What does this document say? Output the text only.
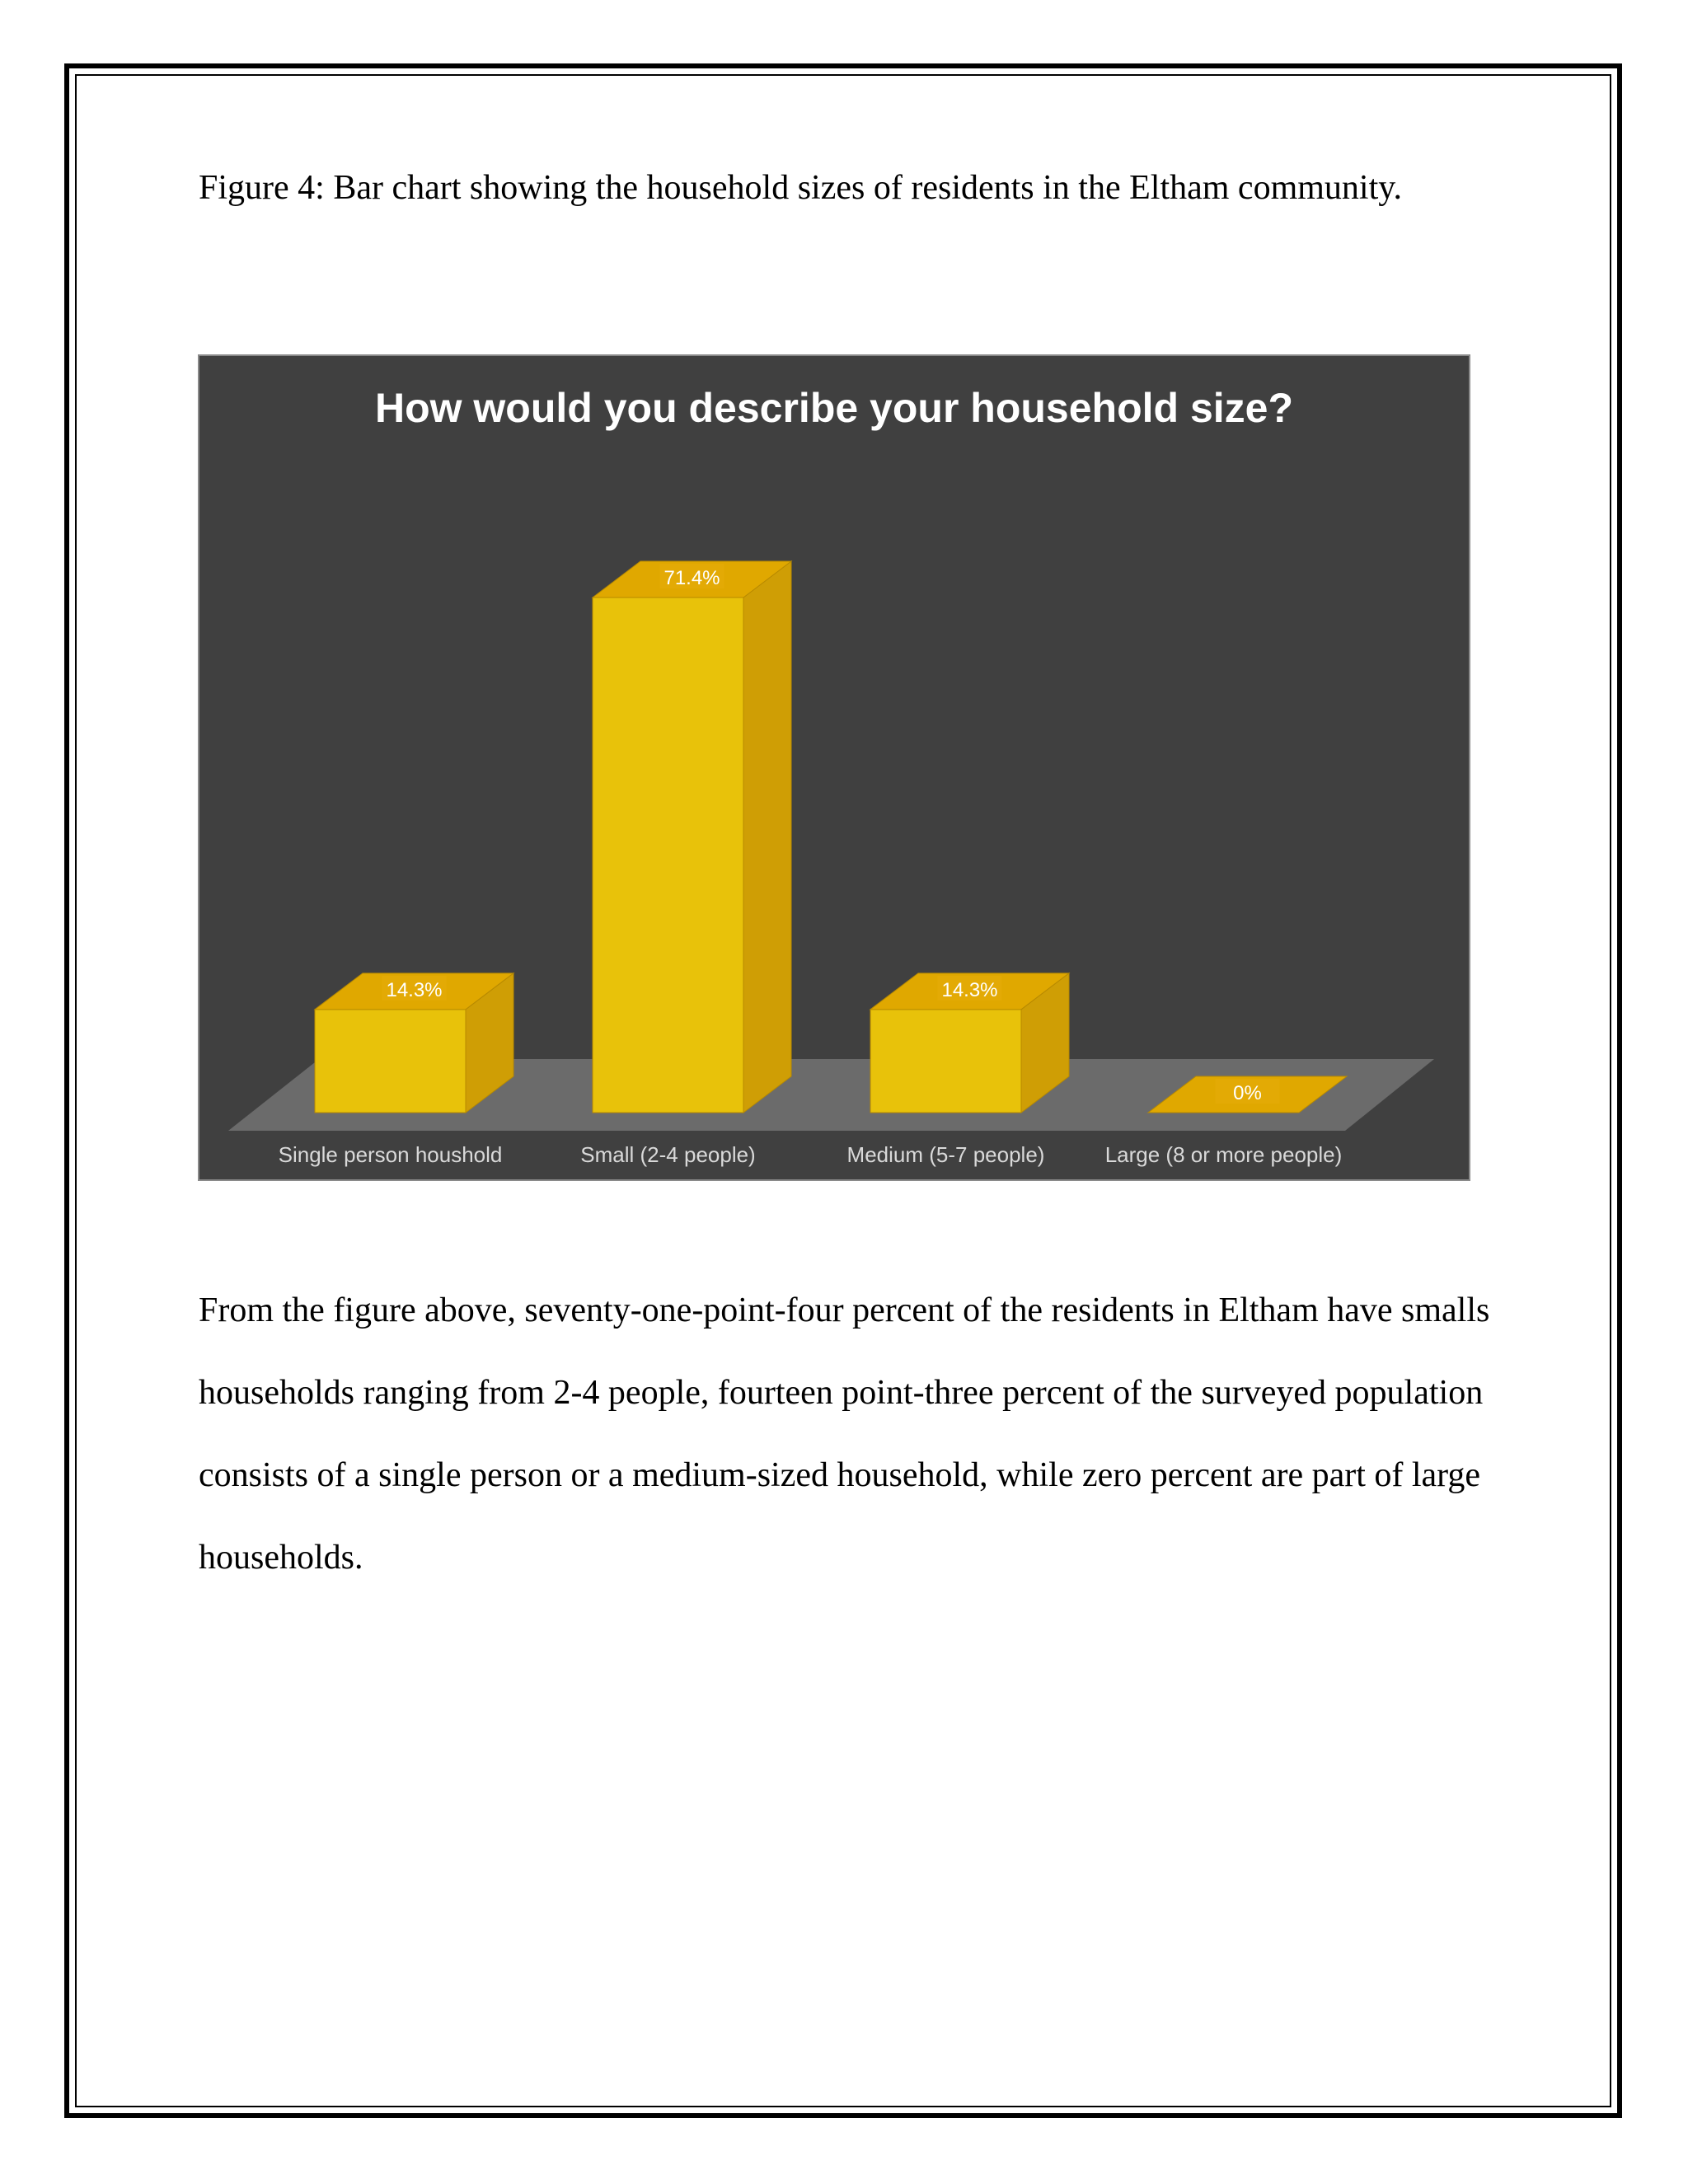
Figure 4: Bar chart showing the household sizes of residents in the Eltham community.

How would you describe your household size?
14.3%
71.4%
14.3%
0%
Single person houshold	Small (2-4 people)	Medium (5-7 people)	Large (8 or more people)

From the figure above, seventy-one-point-four percent of the residents in Eltham have smalls households ranging from 2-4 people, fourteen point-three percent of the surveyed population consists of a single person or a medium-sized household, while zero percent are part of large households.
